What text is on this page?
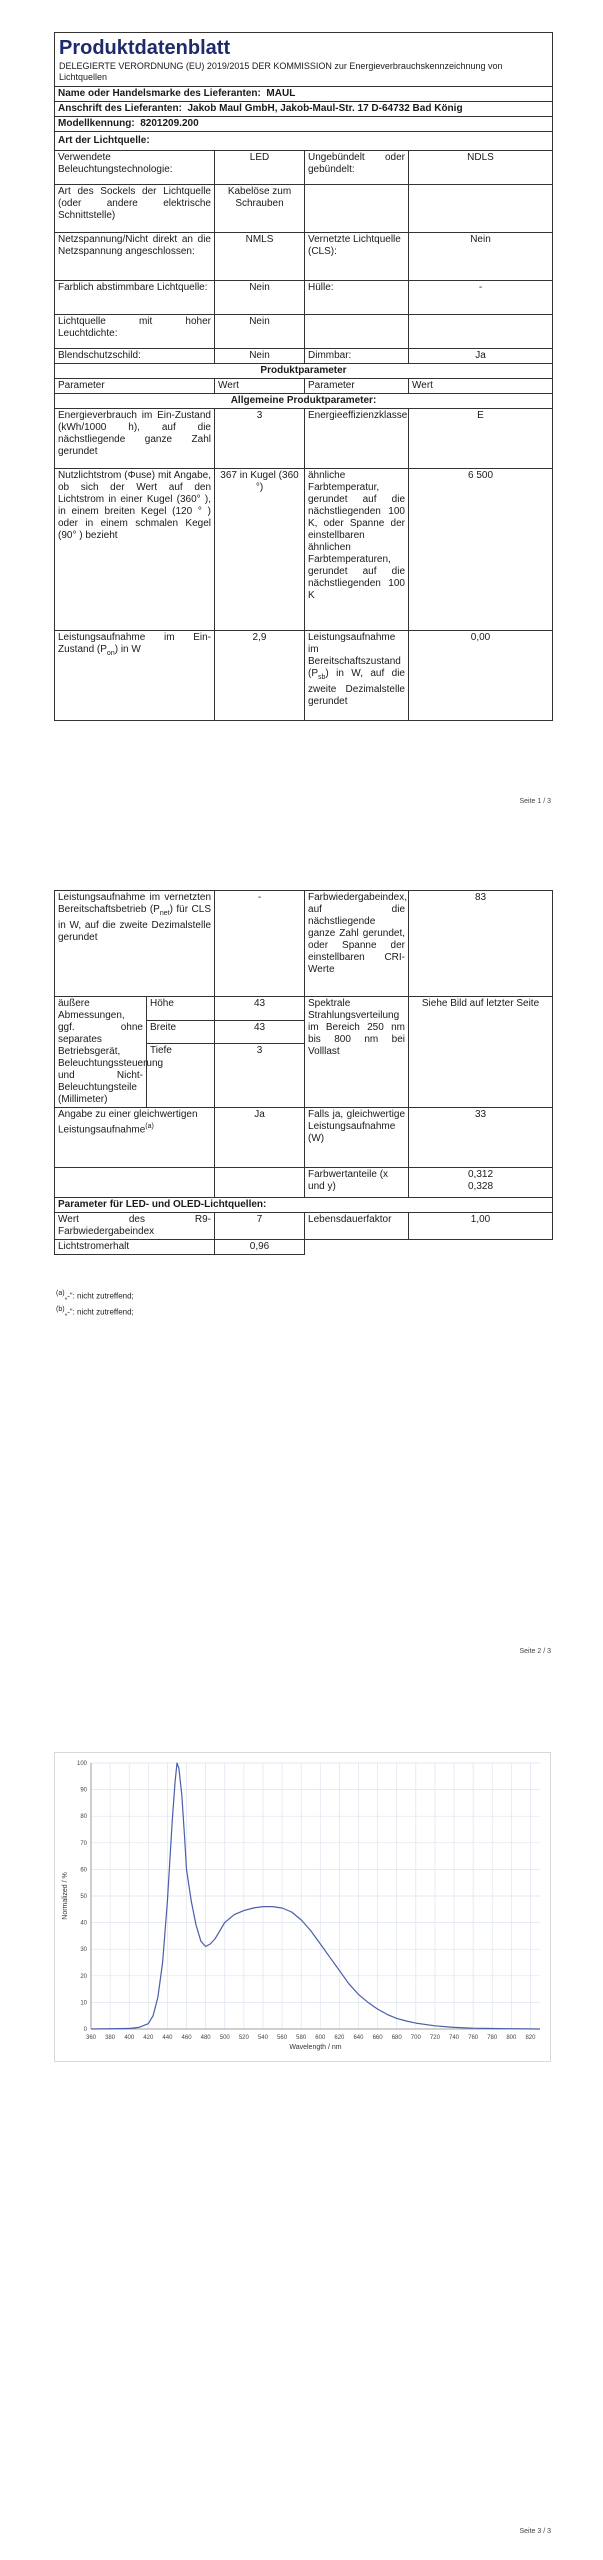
Produktdatenblatt			
DELEGIERTE VERORDNUNG (EU) 2019/2015 DER KOMMISSION zur Energieverbrauchskennzeichnung von Lichtquellen			
Name oder Handelsmarke des Lieferanten: MAUL			
Anschrift des Lieferanten: Jakob Maul GmbH, Jakob-Maul-Str. 17 D-64732 Bad König			
Modellkennung: 8201209.200			
Art der Lichtquelle:			
Verwendete Beleuchtungstechnologie:	LED	Ungebündelt oder gebündelt:	NDLS
Art des Sockels der Lichtquelle (oder andere elektrische Schnittstelle)	Kabelöse zum Schrauben		
Netzspannung/Nicht direkt an die Netzspannung angeschlossen:	NMLS	Vernetzte Lichtquelle (CLS):	Nein
Farblich abstimmbare Lichtquelle:	Nein	Hülle:	-
Lichtquelle mit hoher Leuchtdichte:	Nein		
Blendschutzschild:	Nein	Dimmbar:	Ja
Produktparameter			
Parameter	Wert	Parameter	Wert
Allgemeine Produktparameter:			
Energieverbrauch im Ein-Zustand (kWh/1000 h), auf die nächstliegende ganze Zahl gerundet	3	Energieeffizienzklasse	E
Nutzlichtstrom (Φuse) mit Angabe, ob sich der Wert auf den Lichtstrom in einer Kugel (360° ), in einem breiten Kegel (120 ° ) oder in einem schmalen Kegel (90° ) bezieht	367 in Kugel (360 °)	ähnliche Farbtemperatur, gerundet auf die nächstliegenden 100 K, oder Spanne der einstellbaren ähnlichen Farbtemperaturen, gerundet auf die nächstliegenden 100 K	6 500
Leistungsaufnahme im Ein-Zustand $(P_{on})$ in W	2,9	Leistungsaufnahme im Bereitschaftszustand $(P_{sb})$ in W, auf die zweite Dezimalstelle gerundet	0,00
Seite 1 / 3
Leistungsaufnahme im vernetzten Bereitschaftsbetrieb $(P_{net})$ für CLS in W, auf die zweite Dezimalstelle gerundet		-	Farbwiedergabeindex, auf die nächstliegende ganze Zahl gerundet, oder Spanne der einstellbaren CRI-Werte	83
äußere Abmessungen, ggf. ohne separates Betriebsgerät, Beleuchtungssteuerung und Nicht-Beleuchtungsteile (Millimeter)	Höhe	43	Spektrale Strahlungsverteilung im Bereich 250 nm bis 800 nm bei Volllast	Siehe Bild auf letzter Seite
	Breite	43		
	Tiefe	3		
Angabe zu einer gleichwertigen Leistungsaufnahme$^{(a)}$		Ja	Falls ja, gleichwertige Leistungsaufnahme (W)	33
			Farbwertanteile (x und y)	0,312
0,328
Parameter für LED- und OLED-Lichtquellen:				
Wert des R9-Farbwiedergabeindex		7	Lebensdauerfaktor	1,00
Lichtstromerhalt		0,96		
$^{(a)}$„-“: nicht zutreffend;
$^{(b)}$„-“: nicht zutreffend;
Seite 2 / 3
360 380 400 420 440 460 480 500 520 540 560 580 600 620 640 660 680 700 720 740 760 780 800 820
0
10
20
30
40
50
60
70
80
90
100
Wavelength / nm
Normalized / %
Seite 3 / 3
